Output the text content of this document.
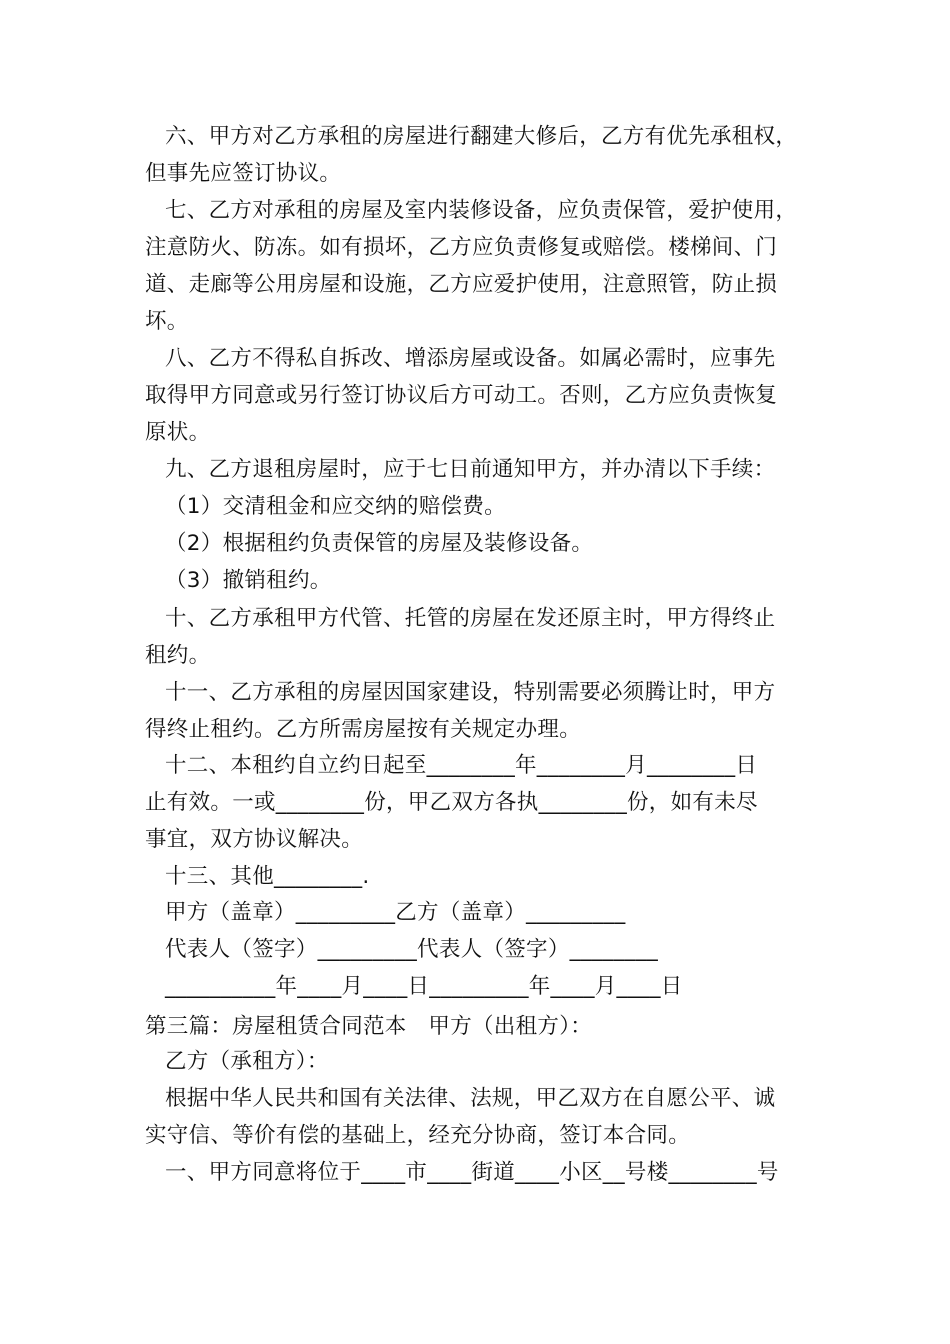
六、甲方对乙方承租的房屋进行翻建大修后，乙方有优先承租权，
但事先应签订协议。
七、乙方对承租的房屋及室内装修设备，应负责保管，爱护使用，
注意防火、防冻。如有损坏，乙方应负责修复或赔偿。楼梯间、门
道、走廊等公用房屋和设施，乙方应爱护使用，注意照管，防止损
坏。
八、乙方不得私自拆改、增添房屋或设备。如属必需时，应事先
取得甲方同意或另行签订协议后方可动工。否则，乙方应负责恢复
原状。
九、乙方退租房屋时，应于七日前通知甲方，并办清以下手续：
（1）交清租金和应交纳的赔偿费。
（2）根据租约负责保管的房屋及装修设备。
（3）撤销租约。
十、乙方承租甲方代管、托管的房屋在发还原主时，甲方得终止
租约。
十一、乙方承租的房屋因国家建设，特别需要必须腾让时，甲方
得终止租约。乙方所需房屋按有关规定办理。
十二、本租约自立约日起至________年________月________日
止有效。一或________份，甲乙双方各执________份，如有未尽
事宜，双方协议解决。
十三、其他________.
甲方（盖章）_________乙方（盖章）_________
代表人（签字）_________代表人（签字）________
__________年____月____日_________年____月____日
第三篇：房屋租赁合同范本　甲方（出租方）：
乙方（承租方）：
根据中华人民共和国有关法律、法规，甲乙双方在自愿公平、诚
实守信、等价有偿的基础上，经充分协商，签订本合同。
一、甲方同意将位于____市____街道____小区__号楼________号
